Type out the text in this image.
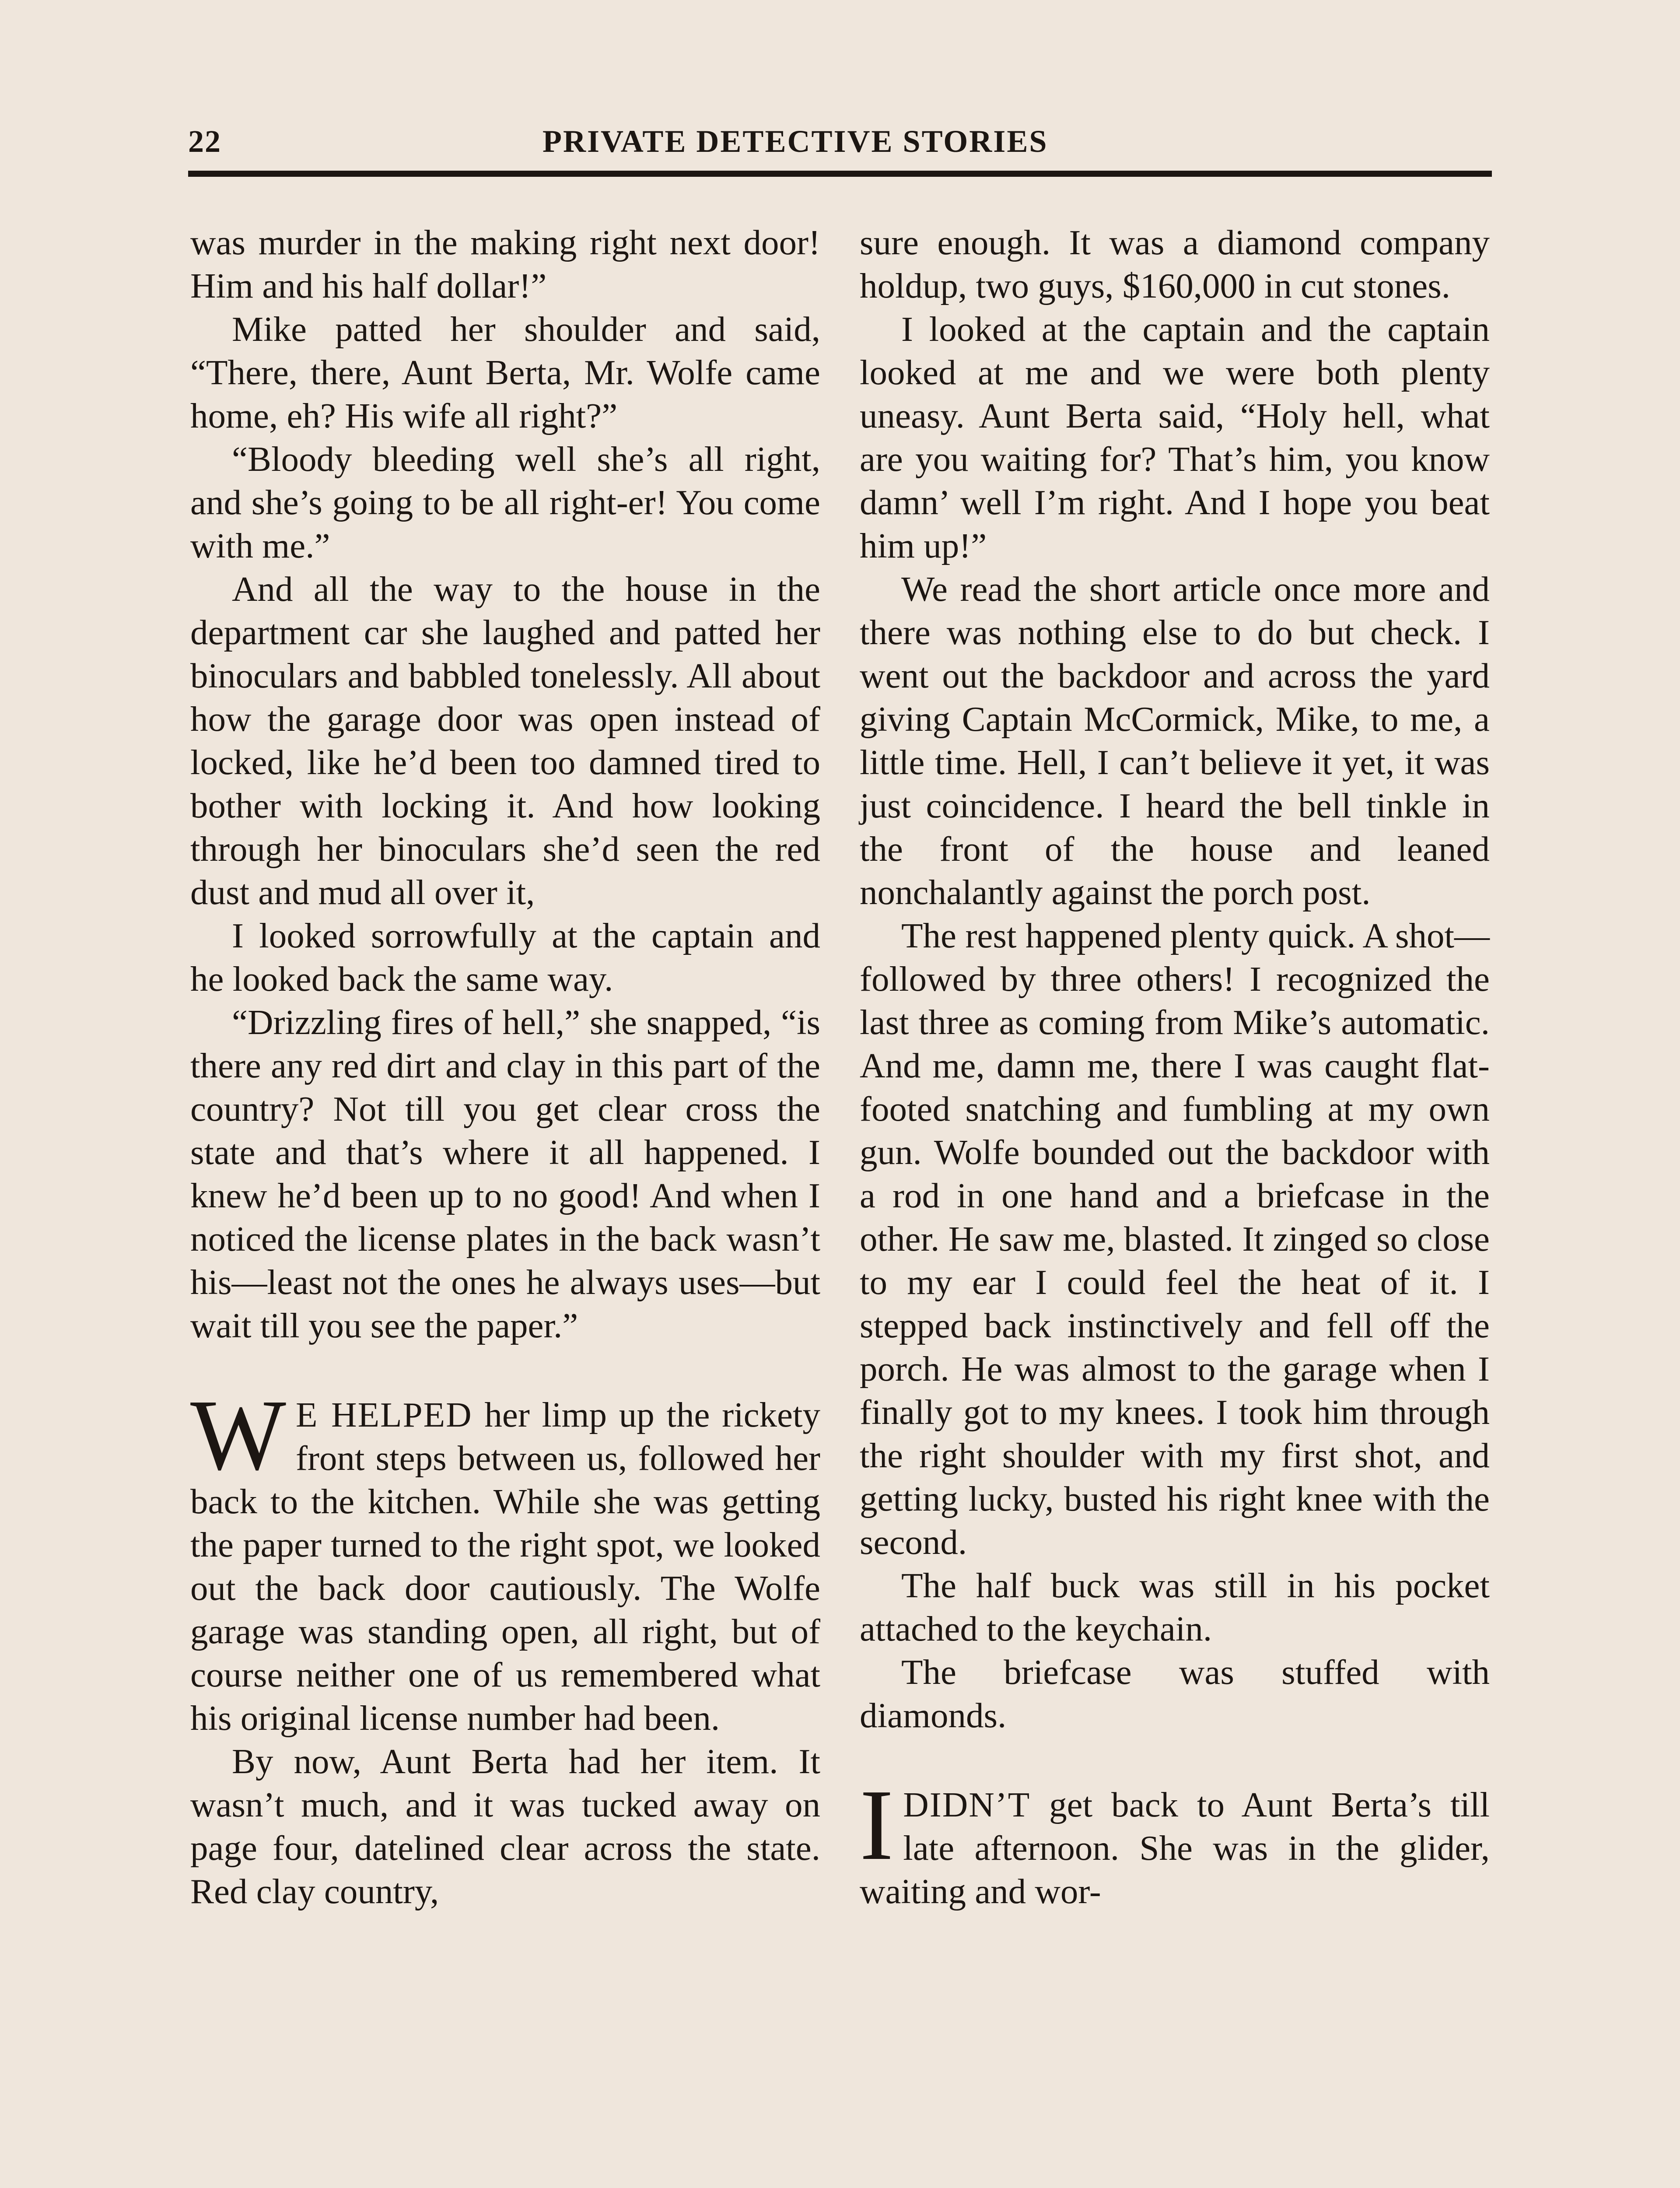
22	PRIVATE DETECTIVE STORIES

was murder in the making right next door! Him and his half dollar!”

Mike patted her shoulder and said, “There, there, Aunt Berta, Mr. Wolfe came home, eh? His wife all right?”

“Bloody bleeding well she’s all right, and she’s going to be all right-er! You come with me.”

And all the way to the house in the department car she laughed and patted her binoculars and babbled tonelessly. All about how the garage door was open instead of locked, like he’d been too damned tired to bother with locking it. And how looking through her binoculars she’d seen the red dust and mud all over it,

I looked sorrowfully at the captain and he looked back the same way.

“Drizzling fires of hell,” she snapped, “is there any red dirt and clay in this part of the country? Not till you get clear cross the state and that’s where it all happened. I knew he’d been up to no good! And when I noticed the license plates in the back wasn’t his—least not the ones he always uses—but wait till you see the paper.”

W E HELPED her limp up the rickety front steps between us, followed her back to the kitchen. While she was getting the paper turned to the right spot, we looked out the back door cautiously. The Wolfe garage was standing open, all right, but of course neither one of us remembered what his original license number had been.

By now, Aunt Berta had her item. It wasn’t much, and it was tucked away on page four, datelined clear across the state. Red clay country,

sure enough. It was a diamond company holdup, two guys, $160,000 in cut stones.

I looked at the captain and the captain looked at me and we were both plenty uneasy. Aunt Berta said, “Holy hell, what are you waiting for? That’s him, you know damn’ well I’m right. And I hope you beat him up!”

We read the short article once more and there was nothing else to do but check. I went out the backdoor and across the yard giving Captain McCormick, Mike, to me, a little time. Hell, I can’t believe it yet, it was just coincidence. I heard the bell tinkle in the front of the house and leaned nonchalantly against the porch post.

The rest happened plenty quick. A shot—followed by three others! I recognized the last three as coming from Mike’s automatic. And me, damn me, there I was caught flat-footed snatching and fumbling at my own gun. Wolfe bounded out the backdoor with a rod in one hand and a briefcase in the other. He saw me, blasted. It zinged so close to my ear I could feel the heat of it. I stepped back instinctively and fell off the porch. He was almost to the garage when I finally got to my knees. I took him through the right shoulder with my first shot, and getting lucky, busted his right knee with the second.

The half buck was still in his pocket attached to the keychain.

The briefcase was stuffed with diamonds.

I DIDN’T get back to Aunt Berta’s till late afternoon. She was in the glider, waiting and wor-
